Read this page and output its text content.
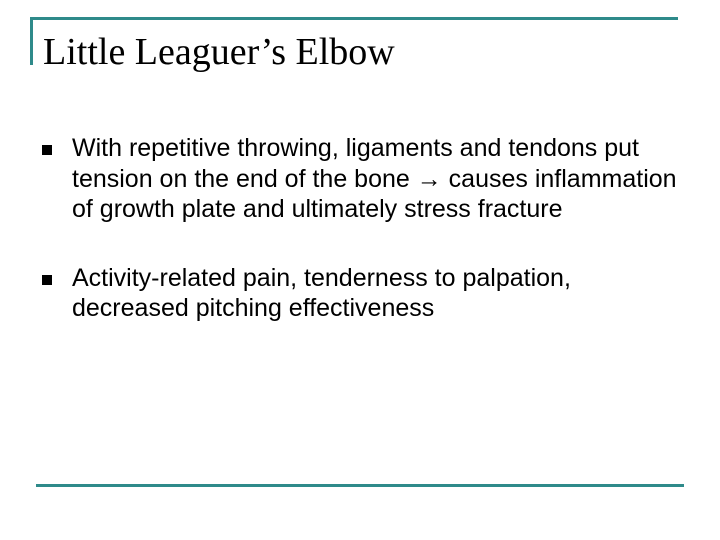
Little Leaguer’s Elbow
With repetitive throwing, ligaments and tendons put tension on the end of the bone → causes inflammation of growth plate and ultimately stress fracture
Activity-related pain, tenderness to palpation, decreased pitching effectiveness
